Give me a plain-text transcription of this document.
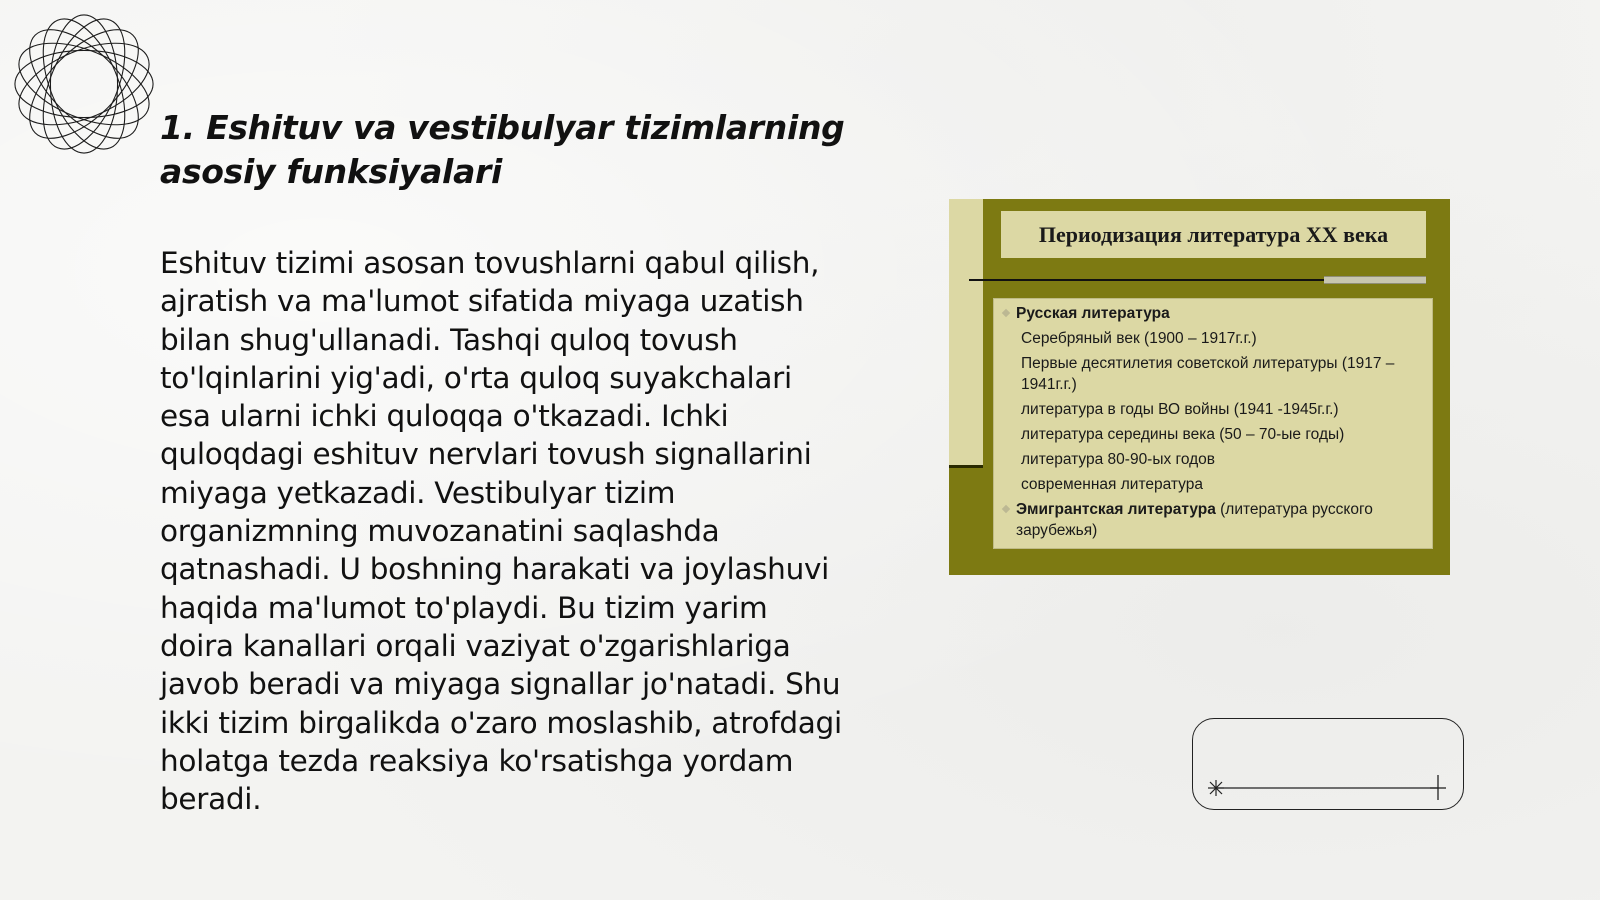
1. Eshituv va vestibulyar tizimlarning asosiy funksiyalari

Eshituv tizimi asosan tovushlarni qabul qilish, ajratish va ma'lumot sifatida miyaga uzatish bilan shug'ullanadi. Tashqi quloq tovush to'lqinlarini yig'adi, o'rta quloq suyakchalari esa ularni ichki quloqqa o'tkazadi. Ichki quloqdagi eshituv nervlari tovush signallarini miyaga yetkazadi. Vestibulyar tizim organizmning muvozanatini saqlashda qatnashadi. U boshning harakati va joylashuvi haqida ma'lumot to'playdi. Bu tizim yarim doira kanallari orqali vaziyat o'zgarishlariga javob beradi va miyaga signallar jo'natadi. Shu ikki tizim birgalikda o'zaro moslashib, atrofdagi holatga tezda reaksiya ko'rsatishga yordam beradi.

Периодизация литература XX века
Русская литература
Серебряный век (1900 – 1917г.г.)
Первые десятилетия советской литературы (1917 – 1941г.г.)
литература в годы ВО войны (1941 -1945г.г.)
литература середины века (50 – 70-ые годы)
литература 80-90-ых годов
современная литература
Эмигрантская литература (литература русского зарубежья)
